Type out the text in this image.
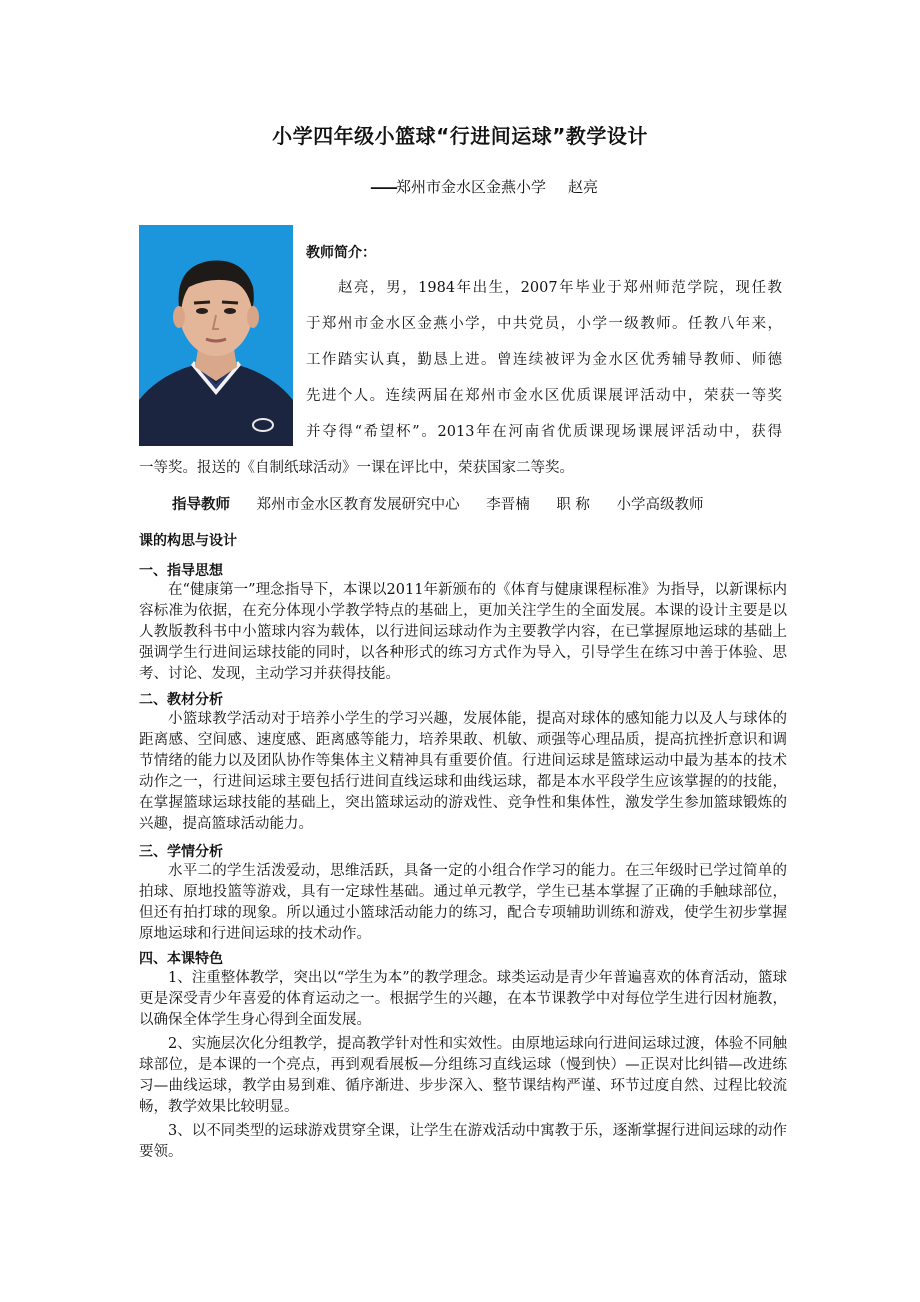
小学四年级小篮球“行进间运球”教学设计
——郑州市金水区金燕小学 赵亮
教师简介：
赵亮，男，1984年出生，2007年毕业于郑州师范学院，现任教
于郑州市金水区金燕小学，中共党员，小学一级教师。任教八年来，
工作踏实认真，勤恳上进。曾连续被评为金水区优秀辅导教师、师德
先进个人。连续两届在郑州市金水区优质课展评活动中，荣获一等奖
并夺得“希望杯”。2013年在河南省优质课现场课展评活动中，获得
一等奖。报送的《自制纸球活动》一课在评比中，荣获国家二等奖。
指导教师 郑州市金水区教育发展研究中心 李晋楠 职 称 小学高级教师
课的构思与设计
一、指导思想

在“健康第一”理念指导下，本课以2011年新颁布的《体育与健康课程标准》为指导，以新课标内容标准为依据，在充分体现小学教学特点的基础上，更加关注学生的全面发展。本课的设计主要是以人教版教科书中小篮球内容为载体，以行进间运球动作为主要教学内容，在已掌握原地运球的基础上强调学生行进间运球技能的同时，以各种形式的练习方式作为导入，引导学生在练习中善于体验、思考、讨论、发现，主动学习并获得技能。

二、教材分析

小篮球教学活动对于培养小学生的学习兴趣，发展体能，提高对球体的感知能力以及人与球体的距离感、空间感、速度感、距离感等能力，培养果敢、机敏、顽强等心理品质，提高抗挫折意识和调节情绪的能力以及团队协作等集体主义精神具有重要价值。行进间运球是篮球运动中最为基本的技术动作之一，行进间运球主要包括行进间直线运球和曲线运球，都是本水平段学生应该掌握的的技能，在掌握篮球运球技能的基础上，突出篮球运动的游戏性、竞争性和集体性，激发学生参加篮球锻炼的兴趣，提高篮球活动能力。

三、学情分析

水平二的学生活泼爱动，思维活跃，具备一定的小组合作学习的能力。在三年级时已学过简单的拍球、原地投篮等游戏，具有一定球性基础。通过单元教学，学生已基本掌握了正确的手触球部位，但还有拍打球的现象。所以通过小篮球活动能力的练习，配合专项辅助训练和游戏，使学生初步掌握原地运球和行进间运球的技术动作。

四、本课特色

1、注重整体教学，突出以“学生为本”的教学理念。球类运动是青少年普遍喜欢的体育活动，篮球更是深受青少年喜爱的体育运动之一。根据学生的兴趣，在本节课教学中对每位学生进行因材施教，以确保全体学生身心得到全面发展。

2、实施层次化分组教学，提高教学针对性和实效性。由原地运球向行进间运球过渡，体验不同触球部位，是本课的一个亮点，再到观看展板—分组练习直线运球（慢到快）—正误对比纠错—改进练习—曲线运球，教学由易到难、循序渐进、步步深入、整节课结构严谨、环节过度自然、过程比较流畅，教学效果比较明显。

3、以不同类型的运球游戏贯穿全课，让学生在游戏活动中寓教于乐，逐渐掌握行进间运球的动作要领。
